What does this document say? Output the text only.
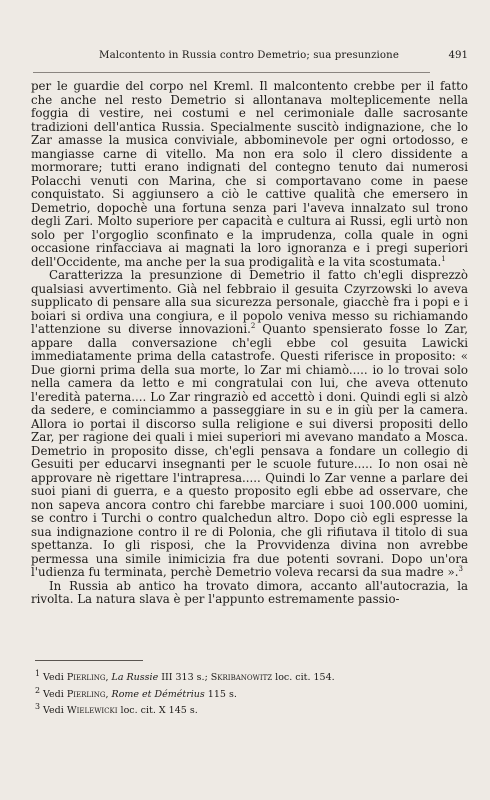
Malcontento in Russia contro Demetrio; sua presunzione	491

per le guardie del corpo nel Kreml. Il malcontento crebbe per il fatto che anche nel resto Demetrio si allontanava molteplicemente nella foggia di vestire, nei costumi e nel cerimoniale dalle sacrosante tradizioni dell'antica Russia. Specialmente suscitò indignazione, che lo Zar amasse la musica conviviale, abbominevole per ogni ortodosso, e mangiasse carne di vitello. Ma non era solo il clero dissidente a mormorare; tutti erano indignati del contegno tenuto dai numerosi Polacchi venuti con Marina, che si comportavano come in paese conquistato. Si aggiunsero a ciò le cattive qualità che emersero in Demetrio, dopochè una fortuna senza pari l'aveva innalzato sul trono degli Zari. Molto superiore per capacità e cultura ai Russi, egli urtò non solo per l'orgoglio sconfinato e la imprudenza, colla quale in ogni occasione rinfacciava ai magnati la loro ignoranza e i pregi superiori dell'Occidente, ma anche per la sua prodigalità e la vita scostumata.$^1$

Caratterizza la presunzione di Demetrio il fatto ch'egli disprezzò qualsiasi avvertimento. Già nel febbraio il gesuita Czyrzowski lo aveva supplicato di pensare alla sua sicurezza personale, giacchè fra i popi e i boiari si ordiva una congiura, e il popolo veniva messo su richiamando l'attenzione su diverse innovazioni.$^2$ Quanto spensierato fosse lo Zar, appare dalla conversazione ch'egli ebbe col gesuita Lawicki immediatamente prima della catastrofe. Questi riferisce in proposito: « Due giorni prima della sua morte, lo Zar mi chiamò..... io lo trovai solo nella camera da letto e mi congratulai con lui, che aveva ottenuto l'eredità paterna.... Lo Zar ringraziò ed accettò i doni. Quindi egli si alzò da sedere, e cominciammo a passeggiare in su e in giù per la camera. Allora io portai il discorso sulla religione e sui diversi propositi dello Zar, per ragione dei quali i miei superiori mi avevano mandato a Mosca. Demetrio in proposito disse, ch'egli pensava a fondare un collegio di Gesuiti per educarvi insegnanti per le scuole future..... Io non osai nè approvare nè rigettare l'intrapresa..... Quindi lo Zar venne a parlare dei suoi piani di guerra, e a questo proposito egli ebbe ad osservare, che non sapeva ancora contro chi farebbe marciare i suoi 100.000 uomini, se contro i Turchi o contro qualchedun altro. Dopo ciò egli espresse la sua indignazione contro il re di Polonia, che gli rifiutava il titolo di sua spettanza. Io gli risposi, che la Provvidenza divina non avrebbe permessa una simile inimicizia fra due potenti sovrani. Dopo un'ora l'udienza fu terminata, perchè Demetrio voleva recarsi da sua madre ».$^3$

In Russia ab antico ha trovato dimora, accanto all'autocrazia, la rivolta. La natura slava è per l'appunto estremamente passio-

$^1$ Vedi Pierling, La Russie III 313 s.; Skribanowitz loc. cit. 154.
$^2$ Vedi Pierling, Rome et Démétrius 115 s.
$^3$ Vedi Wielewicki loc. cit. X 145 s.
